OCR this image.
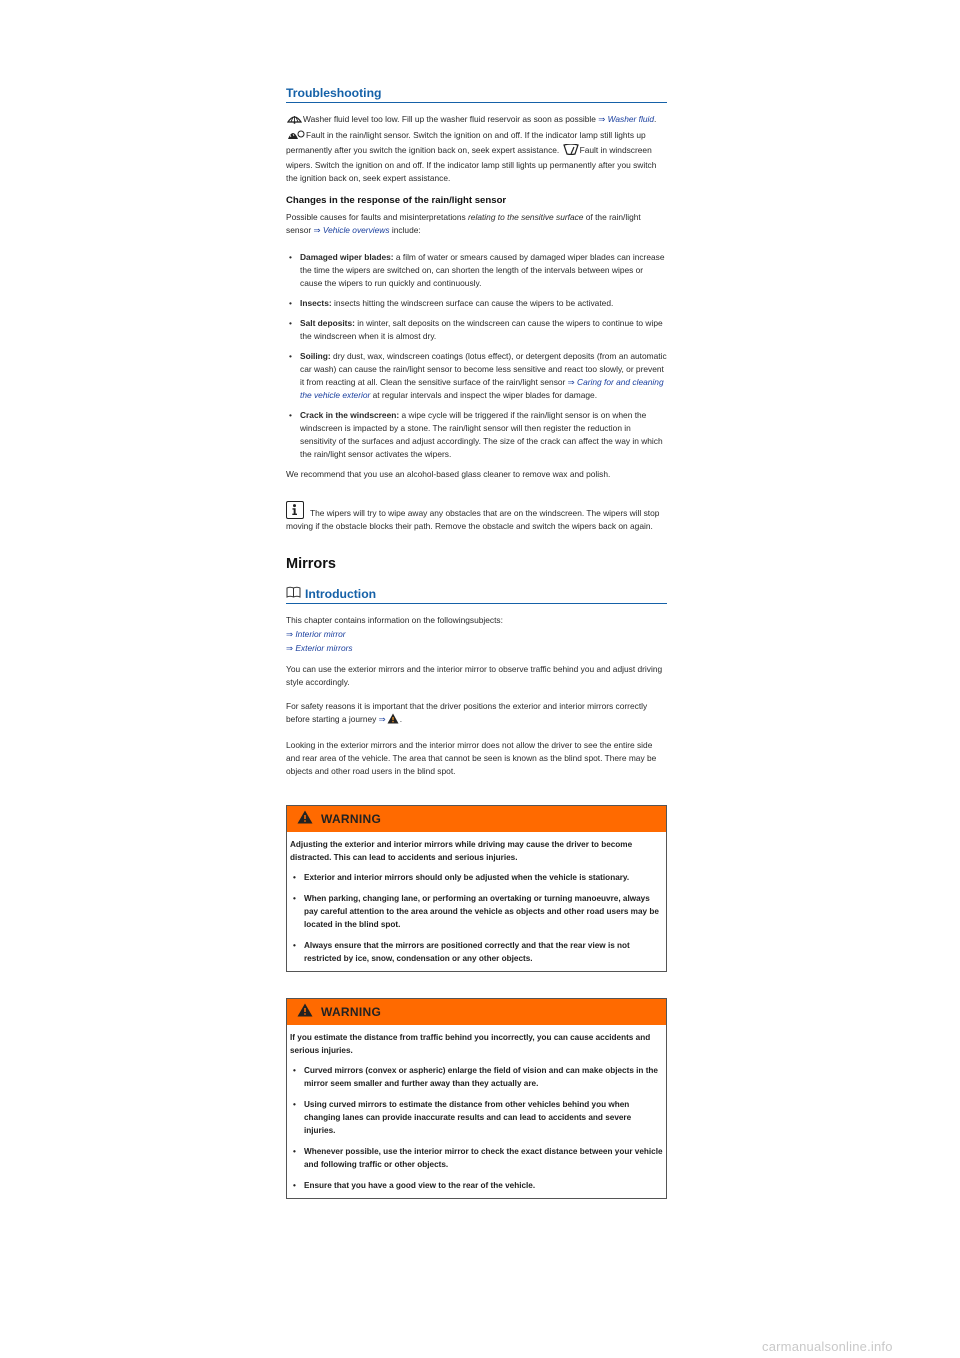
Troubleshooting

Washer fluid level too low. Fill up the washer fluid reservoir as soon as possible ⇒ Washer fluid. Fault in the rain/light sensor. Switch the ignition on and off. If the indicator lamp still lights up permanently after you switch the ignition back on, seek expert assistance. Fault in windscreen wipers. Switch the ignition on and off. If the indicator lamp still lights up permanently after you switch the ignition back on, seek expert assistance.

Changes in the response of the rain/light sensor

Possible causes for faults and misinterpretations relating to the sensitive surface of the rain/light sensor ⇒ Vehicle overviews include:

• Damaged wiper blades: a film of water or smears caused by damaged wiper blades can increase the time the wipers are switched on, can shorten the length of the intervals between wipes or cause the wipers to run quickly and continuously.
• Insects: insects hitting the windscreen surface can cause the wipers to be activated.
• Salt deposits: in winter, salt deposits on the windscreen can cause the wipers to continue to wipe the windscreen when it is almost dry.
• Soiling: dry dust, wax, windscreen coatings (lotus effect), or detergent deposits (from an automatic car wash) can cause the rain/light sensor to become less sensitive and react too slowly, or prevent it from reacting at all. Clean the sensitive surface of the rain/light sensor ⇒ Caring for and cleaning the vehicle exterior at regular intervals and inspect the wiper blades for damage.
• Crack in the windscreen: a wipe cycle will be triggered if the rain/light sensor is on when the windscreen is impacted by a stone. The rain/light sensor will then register the reduction in sensitivity of the surfaces and adjust accordingly. The size of the crack can affect the way in which the rain/light sensor activates the wipers.

We recommend that you use an alcohol-based glass cleaner to remove wax and polish.

The wipers will try to wipe away any obstacles that are on the windscreen. The wipers will stop moving if the obstacle blocks their path. Remove the obstacle and switch the wipers back on again.

Mirrors
Introduction

This chapter contains information on the followingsubjects:

⇒ Interior mirror

⇒ Exterior mirrors

You can use the exterior mirrors and the interior mirror to observe traffic behind you and adjust driving style accordingly.

For safety reasons it is important that the driver positions the exterior and interior mirrors correctly before starting a journey ⇒ .

Looking in the exterior mirrors and the interior mirror does not allow the driver to see the entire side and rear area of the vehicle. The area that cannot be seen is known as the blind spot. There may be objects and other road users in the blind spot.

WARNING

Adjusting the exterior and interior mirrors while driving may cause the driver to become distracted. This can lead to accidents and serious injuries.

• Exterior and interior mirrors should only be adjusted when the vehicle is stationary.
• When parking, changing lane, or performing an overtaking or turning manoeuvre, always pay careful attention to the area around the vehicle as objects and other road users may be located in the blind spot.
• Always ensure that the mirrors are positioned correctly and that the rear view is not restricted by ice, snow, condensation or any other objects.
WARNING

If you estimate the distance from traffic behind you incorrectly, you can cause accidents and serious injuries.

• Curved mirrors (convex or aspheric) enlarge the field of vision and can make objects in the mirror seem smaller and further away than they actually are.
• Using curved mirrors to estimate the distance from other vehicles behind you when changing lanes can provide inaccurate results and can lead to accidents and severe injuries.
• Whenever possible, use the interior mirror to check the exact distance between your vehicle and following traffic or other objects.
• Ensure that you have a good view to the rear of the vehicle.
carmanualsonline.info
